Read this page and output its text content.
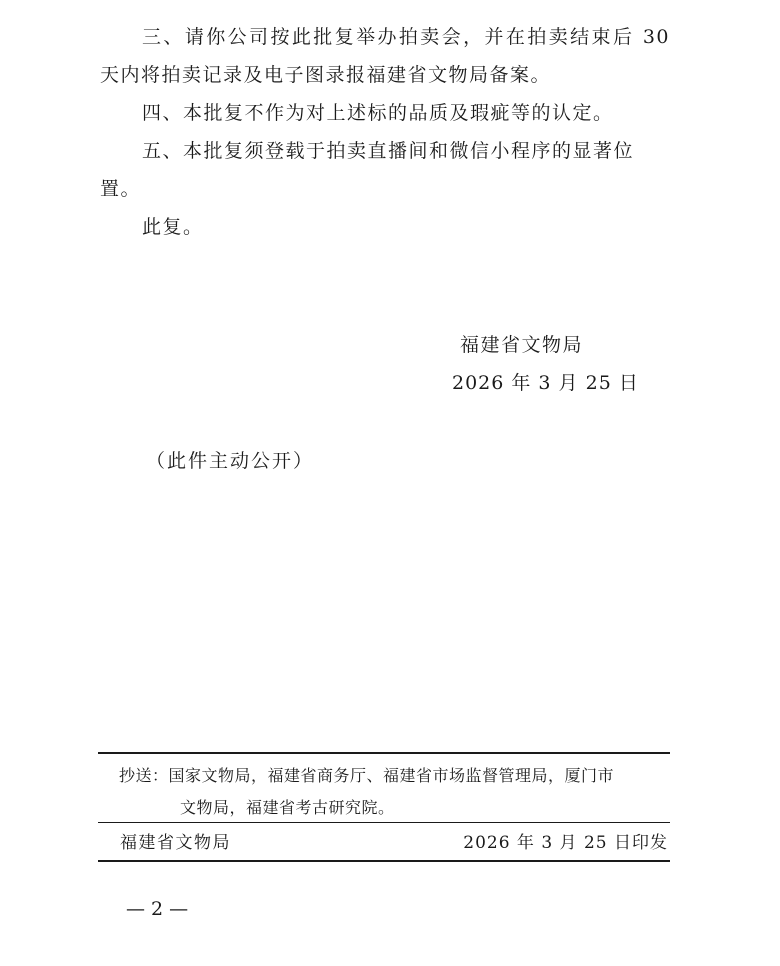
三、请你公司按此批复举办拍卖会，并在拍卖结束后 30 天内将拍卖记录及电子图录报福建省文物局备案。

四、本批复不作为对上述标的品质及瑕疵等的认定。

五、本批复须登载于拍卖直播间和微信小程序的显著位置。

此复。

福建省文物局
2026 年 3 月 25 日
（此件主动公开）
抄送：国家文物局，福建省商务厅、福建省市场监督管理局，厦门市
文物局，福建省考古研究院。
福建省文物局	2026 年 3 月 25 日印发
— 2 —
